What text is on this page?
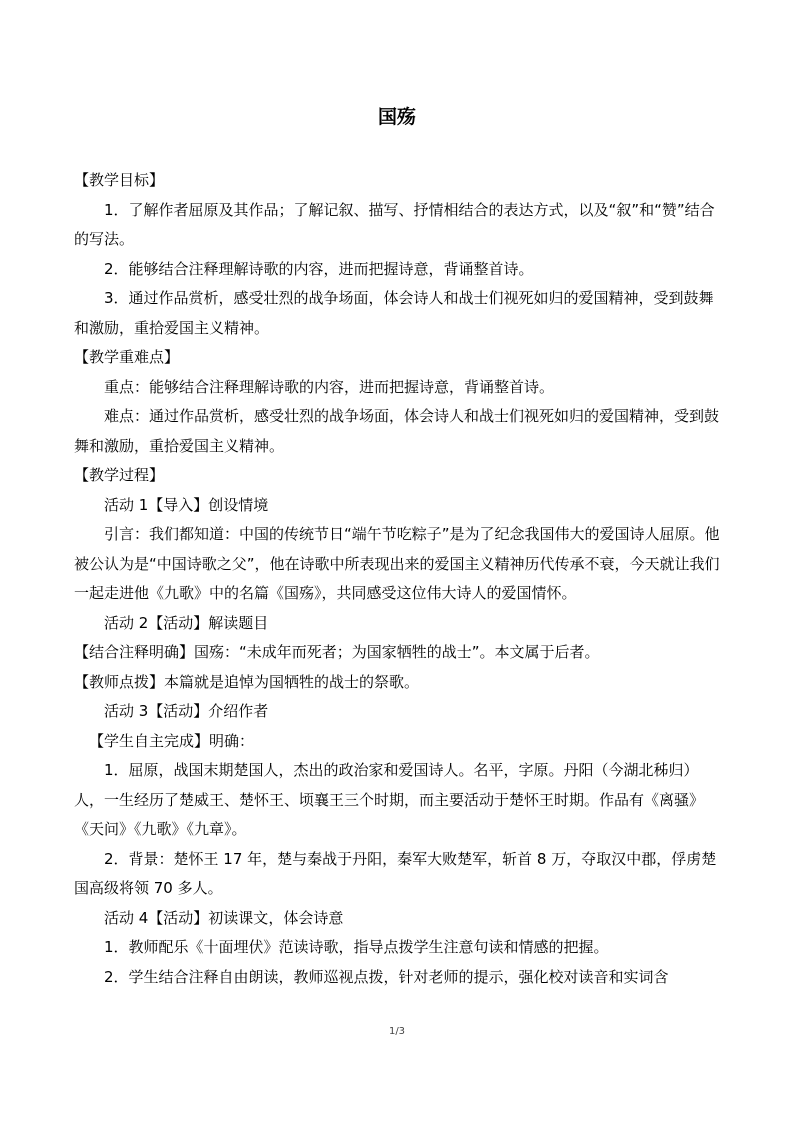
国殇

【教学目标】

1．了解作者屈原及其作品；了解记叙、描写、抒情相结合的表达方式，以及“叙”和“赞”结合的写法。

2．能够结合注释理解诗歌的内容，进而把握诗意，背诵整首诗。

3．通过作品赏析，感受壮烈的战争场面，体会诗人和战士们视死如归的爱国精神，受到鼓舞和激励，重拾爱国主义精神。

【教学重难点】

重点：能够结合注释理解诗歌的内容，进而把握诗意，背诵整首诗。

难点：通过作品赏析，感受壮烈的战争场面，体会诗人和战士们视死如归的爱国精神，受到鼓舞和激励，重拾爱国主义精神。

【教学过程】

活动 1【导入】创设情境

引言：我们都知道：中国的传统节日“端午节吃粽子”是为了纪念我国伟大的爱国诗人屈原。他被公认为是“中国诗歌之父”，他在诗歌中所表现出来的爱国主义精神历代传承不衰，今天就让我们一起走进他《九歌》中的名篇《国殇》，共同感受这位伟大诗人的爱国情怀。

活动 2【活动】解读题目

【结合注释明确】国殇：“未成年而死者；为国家牺牲的战士”。本文属于后者。

【教师点拨】本篇就是追悼为国牺牲的战士的祭歌。

活动 3【活动】介绍作者

【学生自主完成】明确：

1．屈原，战国末期楚国人，杰出的政治家和爱国诗人。名平，字原。丹阳（今湖北秭归）人，一生经历了楚威王、楚怀王、顷襄王三个时期，而主要活动于楚怀王时期。作品有《离骚》《天问》《九歌》《九章》。

2．背景：楚怀王 17 年，楚与秦战于丹阳，秦军大败楚军，斩首 8 万，夺取汉中郡，俘虏楚国高级将领 70 多人。

活动 4【活动】初读课文，体会诗意

1．教师配乐《十面埋伏》范读诗歌，指导点拨学生注意句读和情感的把握。

2．学生结合注释自由朗读，教师巡视点拨，针对老师的提示，强化校对读音和实词含

1/3
